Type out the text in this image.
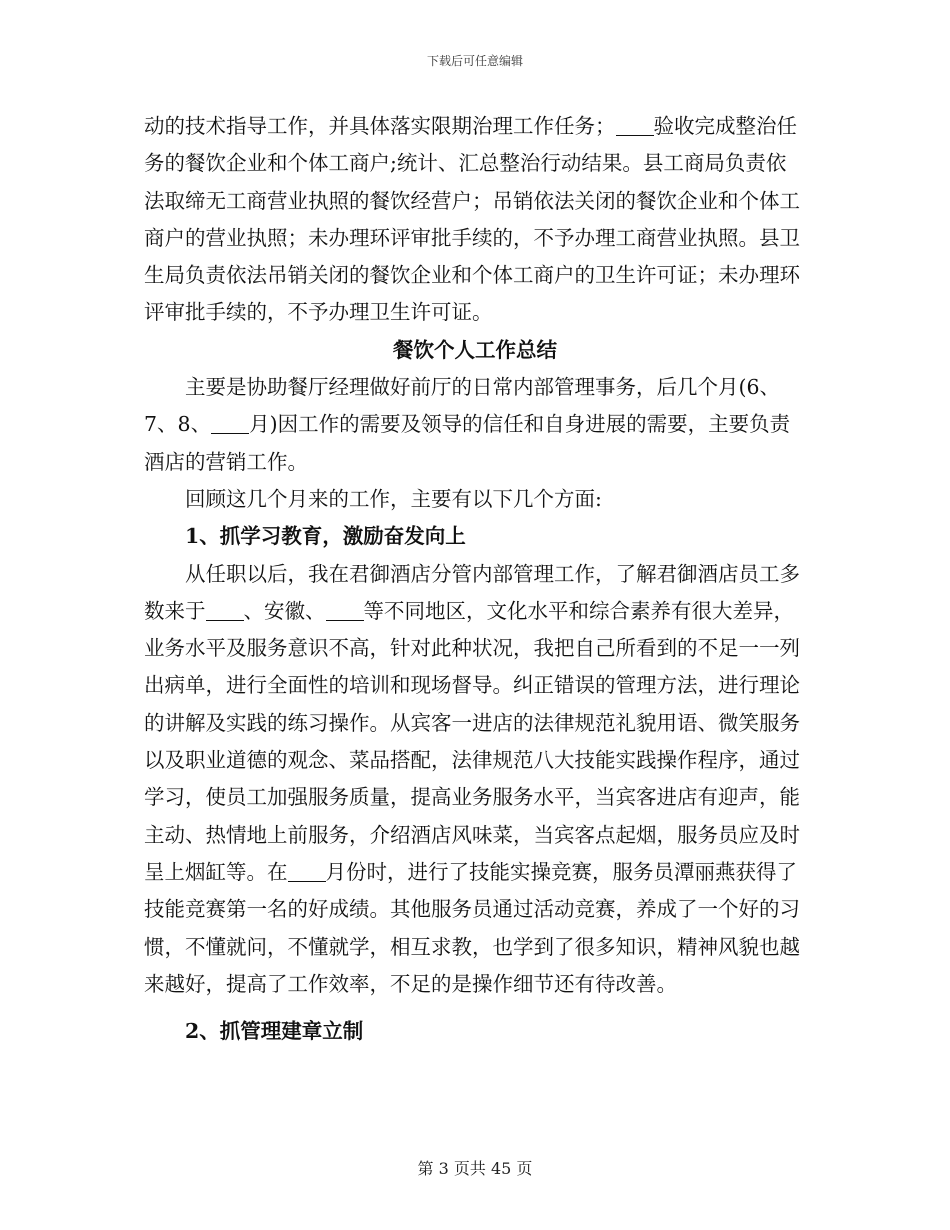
下载后可任意编辑

动的技术指导工作，并具体落实限期治理工作任务； 验收完成整治任务的餐饮企业和个体工商户;统计、汇总整治行动结果。县工商局负责依法取缔无工商营业执照的餐饮经营户；吊销依法关闭的餐饮企业和个体工商户的营业执照；未办理环评审批手续的，不予办理工商营业执照。县卫生局负责依法吊销关闭的餐饮企业和个体工商户的卫生许可证；未办理环评审批手续的，不予办理卫生许可证。

餐饮个人工作总结

主要是协助餐厅经理做好前厅的日常内部管理事务，后几个月(6、7、8、 月)因工作的需要及领导的信任和自身进展的需要，主要负责酒店的营销工作。

回顾这几个月来的工作，主要有以下几个方面:

1、抓学习教育，激励奋发向上

从任职以后，我在君御酒店分管内部管理工作，了解君御酒店员工多数来于 、安徽、 等不同地区，文化水平和综合素养有很大差异，业务水平及服务意识不高，针对此种状况，我把自己所看到的不足一一列出病单，进行全面性的培训和现场督导。纠正错误的管理方法，进行理论的讲解及实践的练习操作。从宾客一进店的法律规范礼貌用语、微笑服务以及职业道德的观念、菜品搭配，法律规范八大技能实践操作程序，通过学习，使员工加强服务质量，提高业务服务水平，当宾客进店有迎声，能主动、热情地上前服务，介绍酒店风味菜，当宾客点起烟，服务员应及时呈上烟缸等。在 月份时，进行了技能实操竞赛，服务员潭丽燕获得了技能竞赛第一名的好成绩。其他服务员通过活动竞赛，养成了一个好的习惯，不懂就问，不懂就学，相互求教，也学到了很多知识，精神风貌也越来越好，提高了工作效率，不足的是操作细节还有待改善。

2、抓管理建章立制

第 3 页共 45 页
